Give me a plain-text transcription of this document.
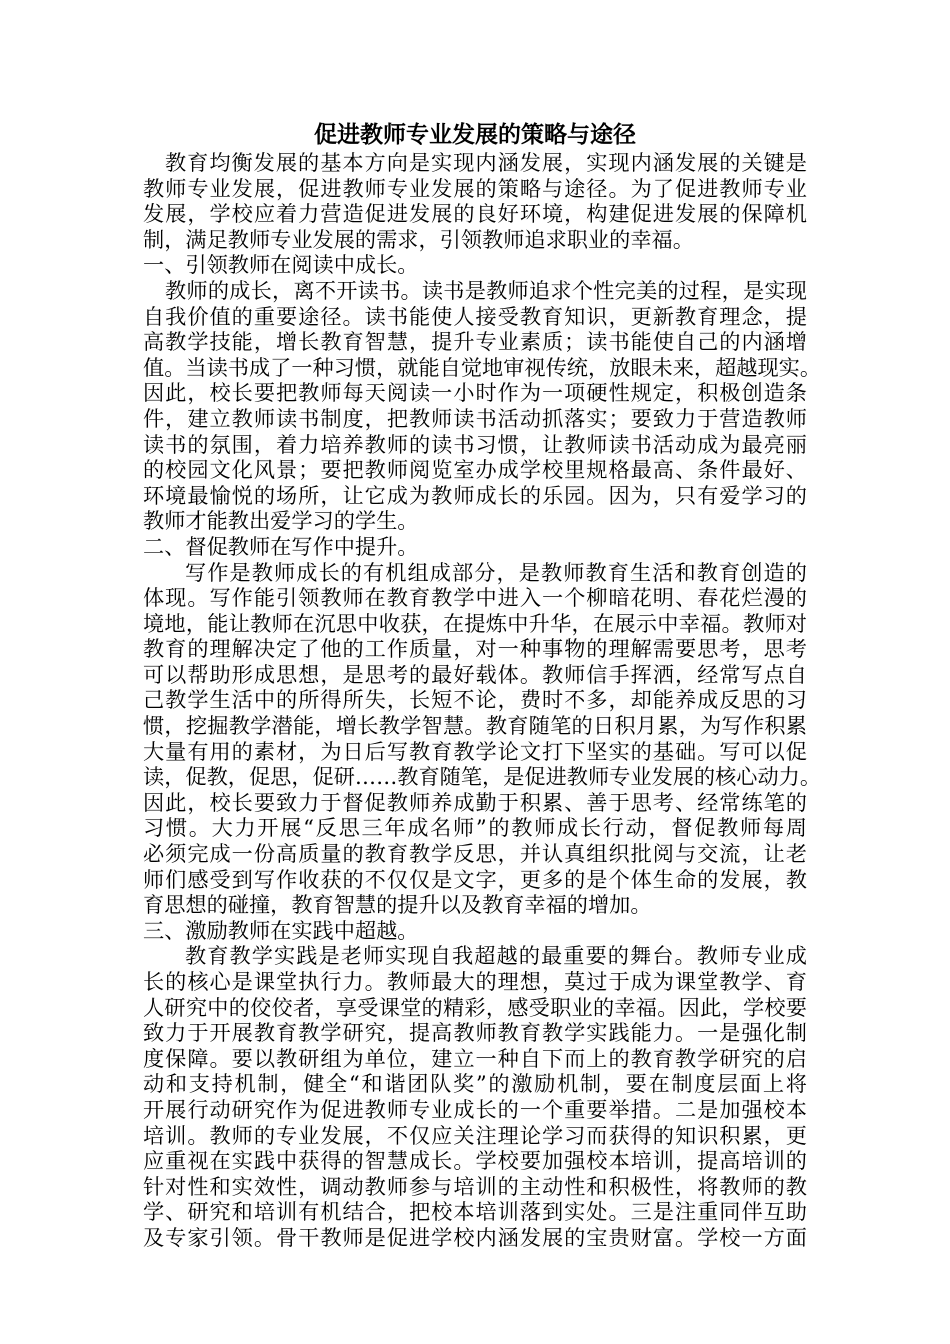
促进教师专业发展的策略与途径
教育均衡发展的基本方向是实现内涵发展，实现内涵发展的关键是
教师专业发展，促进教师专业发展的策略与途径。为了促进教师专业
发展，学校应着力营造促进发展的良好环境，构建促进发展的保障机
制，满足教师专业发展的需求，引领教师追求职业的幸福。
一、引领教师在阅读中成长。
教师的成长，离不开读书。读书是教师追求个性完美的过程，是实现
自我价值的重要途径。读书能使人接受教育知识，更新教育理念，提
高教学技能，增长教育智慧，提升专业素质；读书能使自己的内涵增
值。当读书成了一种习惯，就能自觉地审视传统，放眼未来，超越现实。
因此，校长要把教师每天阅读一小时作为一项硬性规定，积极创造条
件，建立教师读书制度，把教师读书活动抓落实；要致力于营造教师
读书的氛围，着力培养教师的读书习惯，让教师读书活动成为最亮丽
的校园文化风景；要把教师阅览室办成学校里规格最高、条件最好、
环境最愉悦的场所，让它成为教师成长的乐园。因为，只有爱学习的
教师才能教出爱学习的学生。
二、督促教师在写作中提升。
写作是教师成长的有机组成部分，是教师教育生活和教育创造的
体现。写作能引领教师在教育教学中进入一个柳暗花明、春花烂漫的
境地，能让教师在沉思中收获，在提炼中升华，在展示中幸福。教师对
教育的理解决定了他的工作质量，对一种事物的理解需要思考，思考
可以帮助形成思想，是思考的最好载体。教师信手挥洒，经常写点自
己教学生活中的所得所失，长短不论，费时不多，却能养成反思的习
惯，挖掘教学潜能，增长教学智慧。教育随笔的日积月累，为写作积累
大量有用的素材，为日后写教育教学论文打下坚实的基础。写可以促
读，促教，促思，促研……教育随笔，是促进教师专业发展的核心动力。
因此，校长要致力于督促教师养成勤于积累、善于思考、经常练笔的
习惯。大力开展“反思三年成名师”的教师成长行动，督促教师每周
必须完成一份高质量的教育教学反思，并认真组织批阅与交流，让老
师们感受到写作收获的不仅仅是文字，更多的是个体生命的发展，教
育思想的碰撞，教育智慧的提升以及教育幸福的增加。
三、激励教师在实践中超越。
教育教学实践是老师实现自我超越的最重要的舞台。教师专业成
长的核心是课堂执行力。教师最大的理想，莫过于成为课堂教学、育
人研究中的佼佼者，享受课堂的精彩，感受职业的幸福。因此，学校要
致力于开展教育教学研究，提高教师教育教学实践能力。一是强化制
度保障。要以教研组为单位，建立一种自下而上的教育教学研究的启
动和支持机制，健全“和谐团队奖”的激励机制，要在制度层面上将
开展行动研究作为促进教师专业成长的一个重要举措。二是加强校本
培训。教师的专业发展，不仅应关注理论学习而获得的知识积累，更
应重视在实践中获得的智慧成长。学校要加强校本培训，提高培训的
针对性和实效性，调动教师参与培训的主动性和积极性，将教师的教
学、研究和培训有机结合，把校本培训落到实处。三是注重同伴互助
及专家引领。骨干教师是促进学校内涵发展的宝贵财富。学校一方面
